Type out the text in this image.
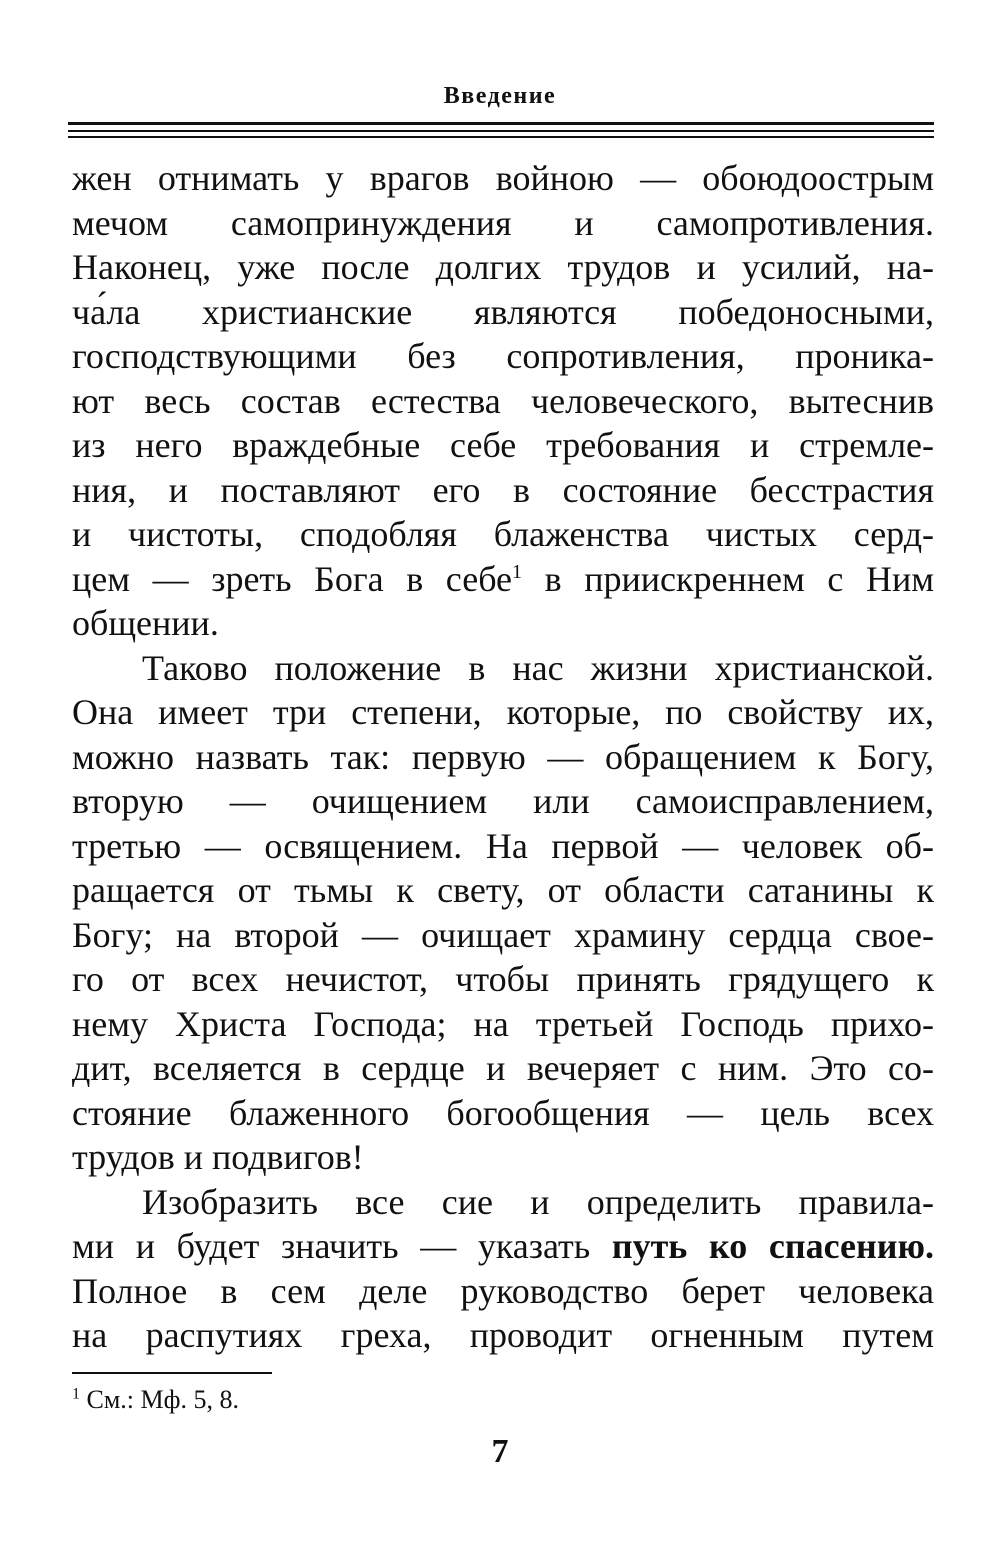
Введение
жен отнимать у врагов войною — обоюдоострым
мечом самопринуждения и самопротивления.
Наконец, уже после долгих трудов и усилий, на-
ча́ла христианские являются победоносными,
господствующими без сопротивления, проника-
ют весь состав естества человеческого, вытеснив
из него враждебные себе требования и стремле-
ния, и поставляют его в состояние бесстрастия
и чистоты, сподобляя блаженства чистых серд-
цем — зреть Бога в себе$^1$ в приискреннем с Ним
общении.
Таково положение в нас жизни христианской.
Она имеет три степени, которые, по свойству их,
можно назвать так: первую — обращением к Богу,
вторую — очищением или самоисправлением,
третью — освящением. На первой — человек об-
ращается от тьмы к свету, от области сатанины к
Богу; на второй — очищает храмину сердца свое-
го от всех нечистот, чтобы принять грядущего к
нему Христа Господа; на третьей Господь прихо-
дит, вселяется в сердце и вечеряет с ним. Это со-
стояние блаженного богообщения — цель всех
трудов и подвигов!
Изобразить все сие и определить правила-
ми и будет значить — указать путь ко спасению.
Полное в сем деле руководство берет человека
на распутиях греха, проводит огненным путем
$^1$ См.: Мф. 5, 8.
7
